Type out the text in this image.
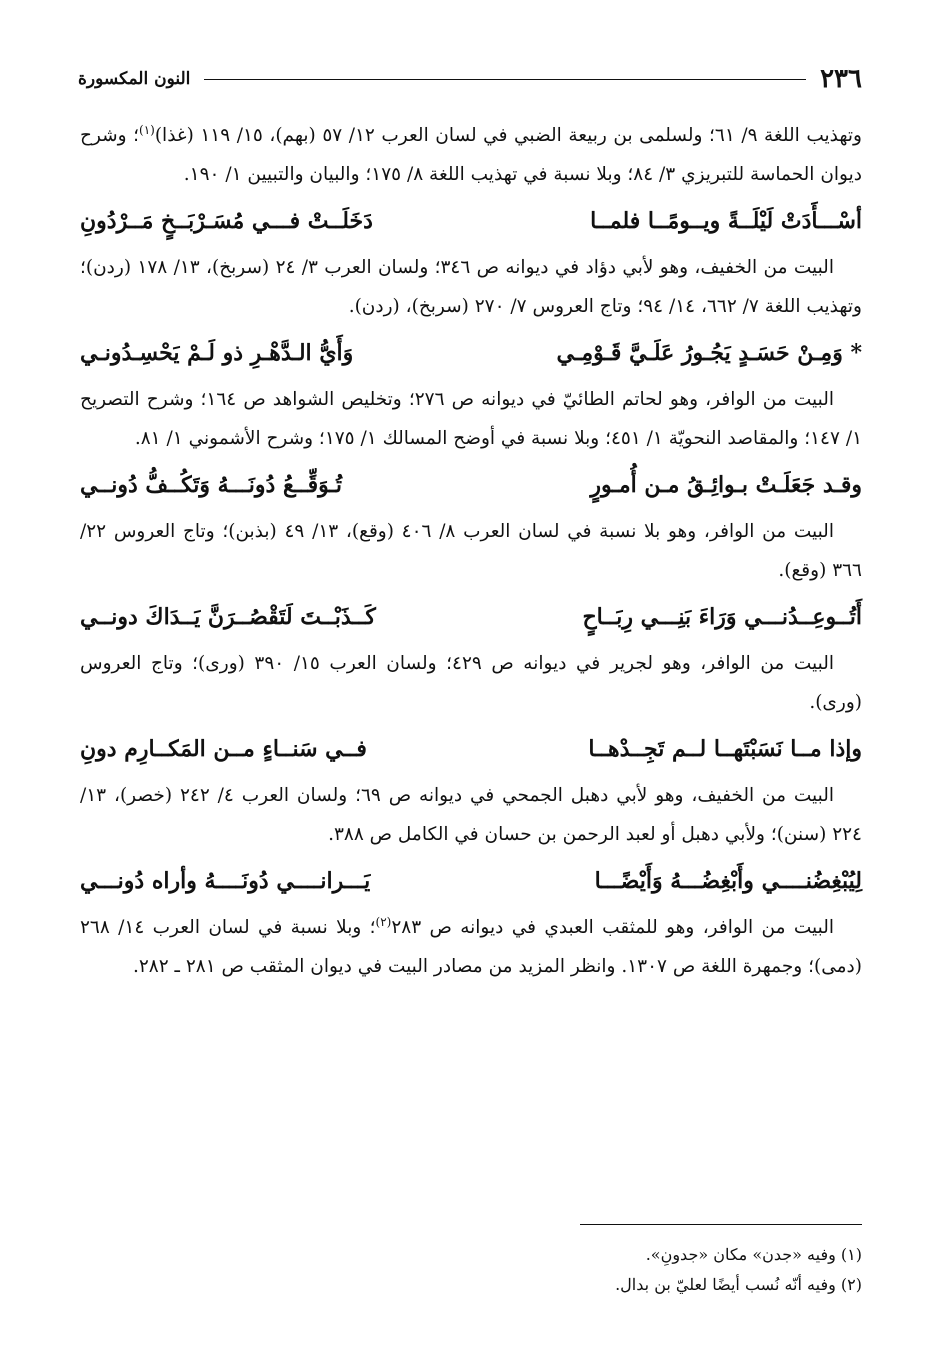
٢٣٦
النون المكسورة

وتهذيب اللغة ٩/ ٦١؛ ولسلمى بن ربيعة الضبي في لسان العرب ١٢/ ٥٧ (بهم)، ١٥/ ١١٩ (غذا)$^{(١)}$؛ وشرح ديوان الحماسة للتبريزي ٣/ ٨٤؛ وبلا نسبة في تهذيب اللغة ٨/ ١٧٥؛ والبيان والتبيين ١/ ١٩٠.

أسْـــأَدَتْ لَيْلَــةً ويــومًــا فلمــا
دَخَلَــتْ فـــي مُسَـرْبَــخٍ مَــرْدُونِ

البيت من الخفيف، وهو لأبي دؤاد في ديوانه ص ٣٤٦؛ ولسان العرب ٣/ ٢٤ (سربخ)، ١٣/ ١٧٨ (ردن)؛ وتهذيب اللغة ٧/ ٦٦٢، ١٤/ ٩٤؛ وتاج العروس ٧/ ٢٧٠ (سربخ)، (ردن).

* وَمِـنْ حَسَـدٍ يَجُـورُ عَلَـيَّ قَـوْمِـي
وَأَيُّ الـدَّهْـرِ ذو لَـمْ يَحْسِـدُونـي

البيت من الوافر، وهو لحاتم الطائيّ في ديوانه ص ٢٧٦؛ وتخليص الشواهد ص ١٦٤؛ وشرح التصريح ١/ ١٤٧؛ والمقاصد النحويّة ١/ ٤٥١؛ وبلا نسبة في أوضح المسالك ١/ ١٧٥؛ وشرح الأشموني ١/ ٨١.

وقـد جَعَلَـتْ بـوائِـقُ مـن أُمـورٍ
تُـوَقِّــعُ دُونَـــهُ وَتَكُــفُّ دُونــي

البيت من الوافر، وهو بلا نسبة في لسان العرب ٨/ ٤٠٦ (وقع)، ١٣/ ٤٩ (بذبن)؛ وتاج العروس ٢٢/ ٣٦٦ (وقع).

أَتُــوعِــدُنـــي وَرَاءَ بَنِـــي رِبَــاحٍ
كَــذَبْــتَ لَتَقْصُــرَنَّ يَــدَاكَ دونــي

البيت من الوافر، وهو لجرير في ديوانه ص ٤٢٩؛ ولسان العرب ١٥/ ٣٩٠ (ورى)؛ وتاج العروس (ورى).

وإذا مــا نَسَبْتَهــا لــم تَجِــدْهــا
فــي سَنــاءٍ مــن المَكــارِم دونِ

البيت من الخفيف، وهو لأبي دهبل الجمحي في ديوانه ص ٦٩؛ ولسان العرب ٤/ ٢٤٢ (خصر)، ١٣/ ٢٢٤ (سنن)؛ ولأبي دهبل أو لعبد الرحمن بن حسان في الكامل ص ٣٨٨.

لِيُبْغِضُنــــي وأَبْغِضُـــهُ وَأَيْضًـــا
يَـــرانــــي دُونَــــهُ وأراه دُونـــي

البيت من الوافر، وهو للمثقب العبدي في ديوانه ص ٢٨٣$^{(٢)}$؛ وبلا نسبة في لسان العرب ١٤/ ٢٦٨ (دمى)؛ وجمهرة اللغة ص ١٣٠٧. وانظر المزيد من مصادر البيت في ديوان المثقب ص ٢٨١ ـ ٢٨٢.

(١) وفيه «جدن» مكان «جدونِ».

(٢) وفيه أنّه نُسب أيضًا لعليّ بن بدال.
